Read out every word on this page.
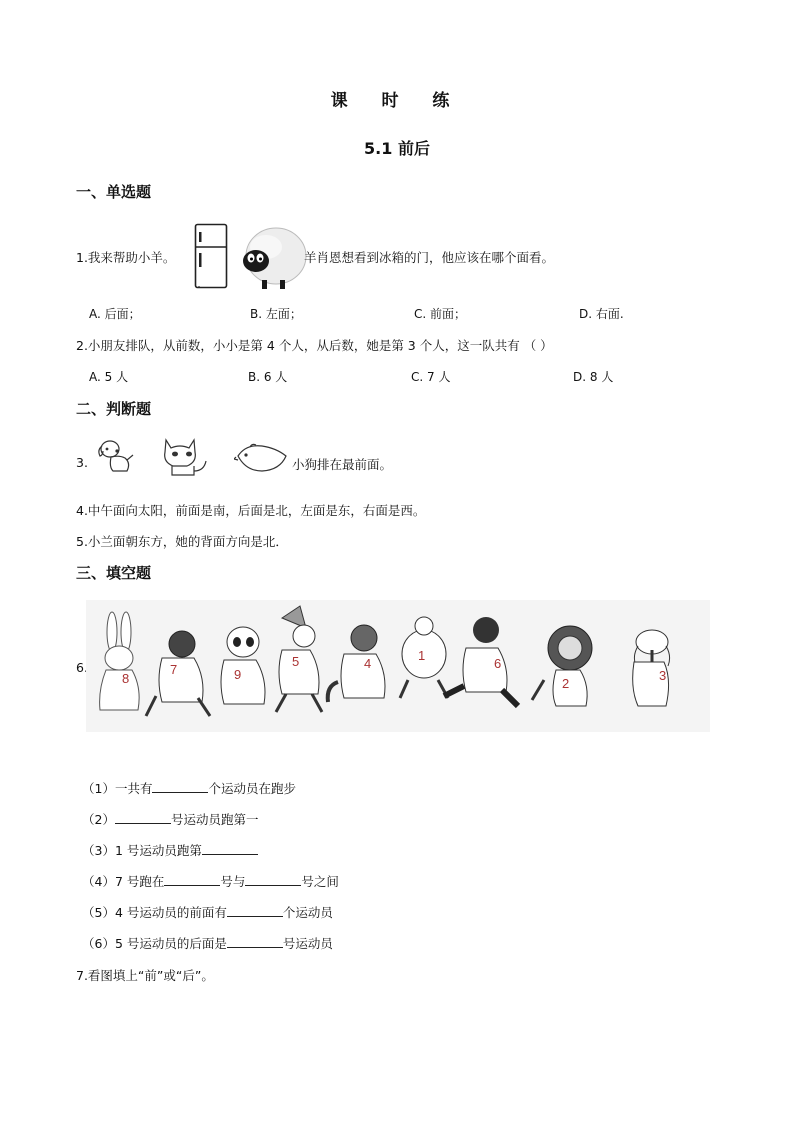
课 时 练
5.1 前后
一、单选题
1.我来帮助小羊。	羊肖恩想看到冰箱的门，他应该在哪个面看。
A. 后面；	B. 左面；	C. 前面；	D. 右面.
2.小朋友排队，从前数，小小是第 4 个人，从后数，她是第 3 个人，这一队共有 （ ）
A. 5 人	B. 6 人	C. 7 人	D. 8 人
二、判断题
3.	小狗排在最前面。
4.中午面向太阳，前面是南，后面是北，左面是东，右面是西。
5.小兰面朝东方，她的背面方向是北．
三、填空题
6.
8
7	9
5	4
1
6
2
3
（1）一共有	个运动员在跑步
（2）	号运动员跑第一
（3）1 号运动员跑第
（4）7 号跑在	号与	号之间
（5）4 号运动员的前面有	个运动员
（6）5 号运动员的后面是	号运动员
7.看图填上“前”或“后”。
